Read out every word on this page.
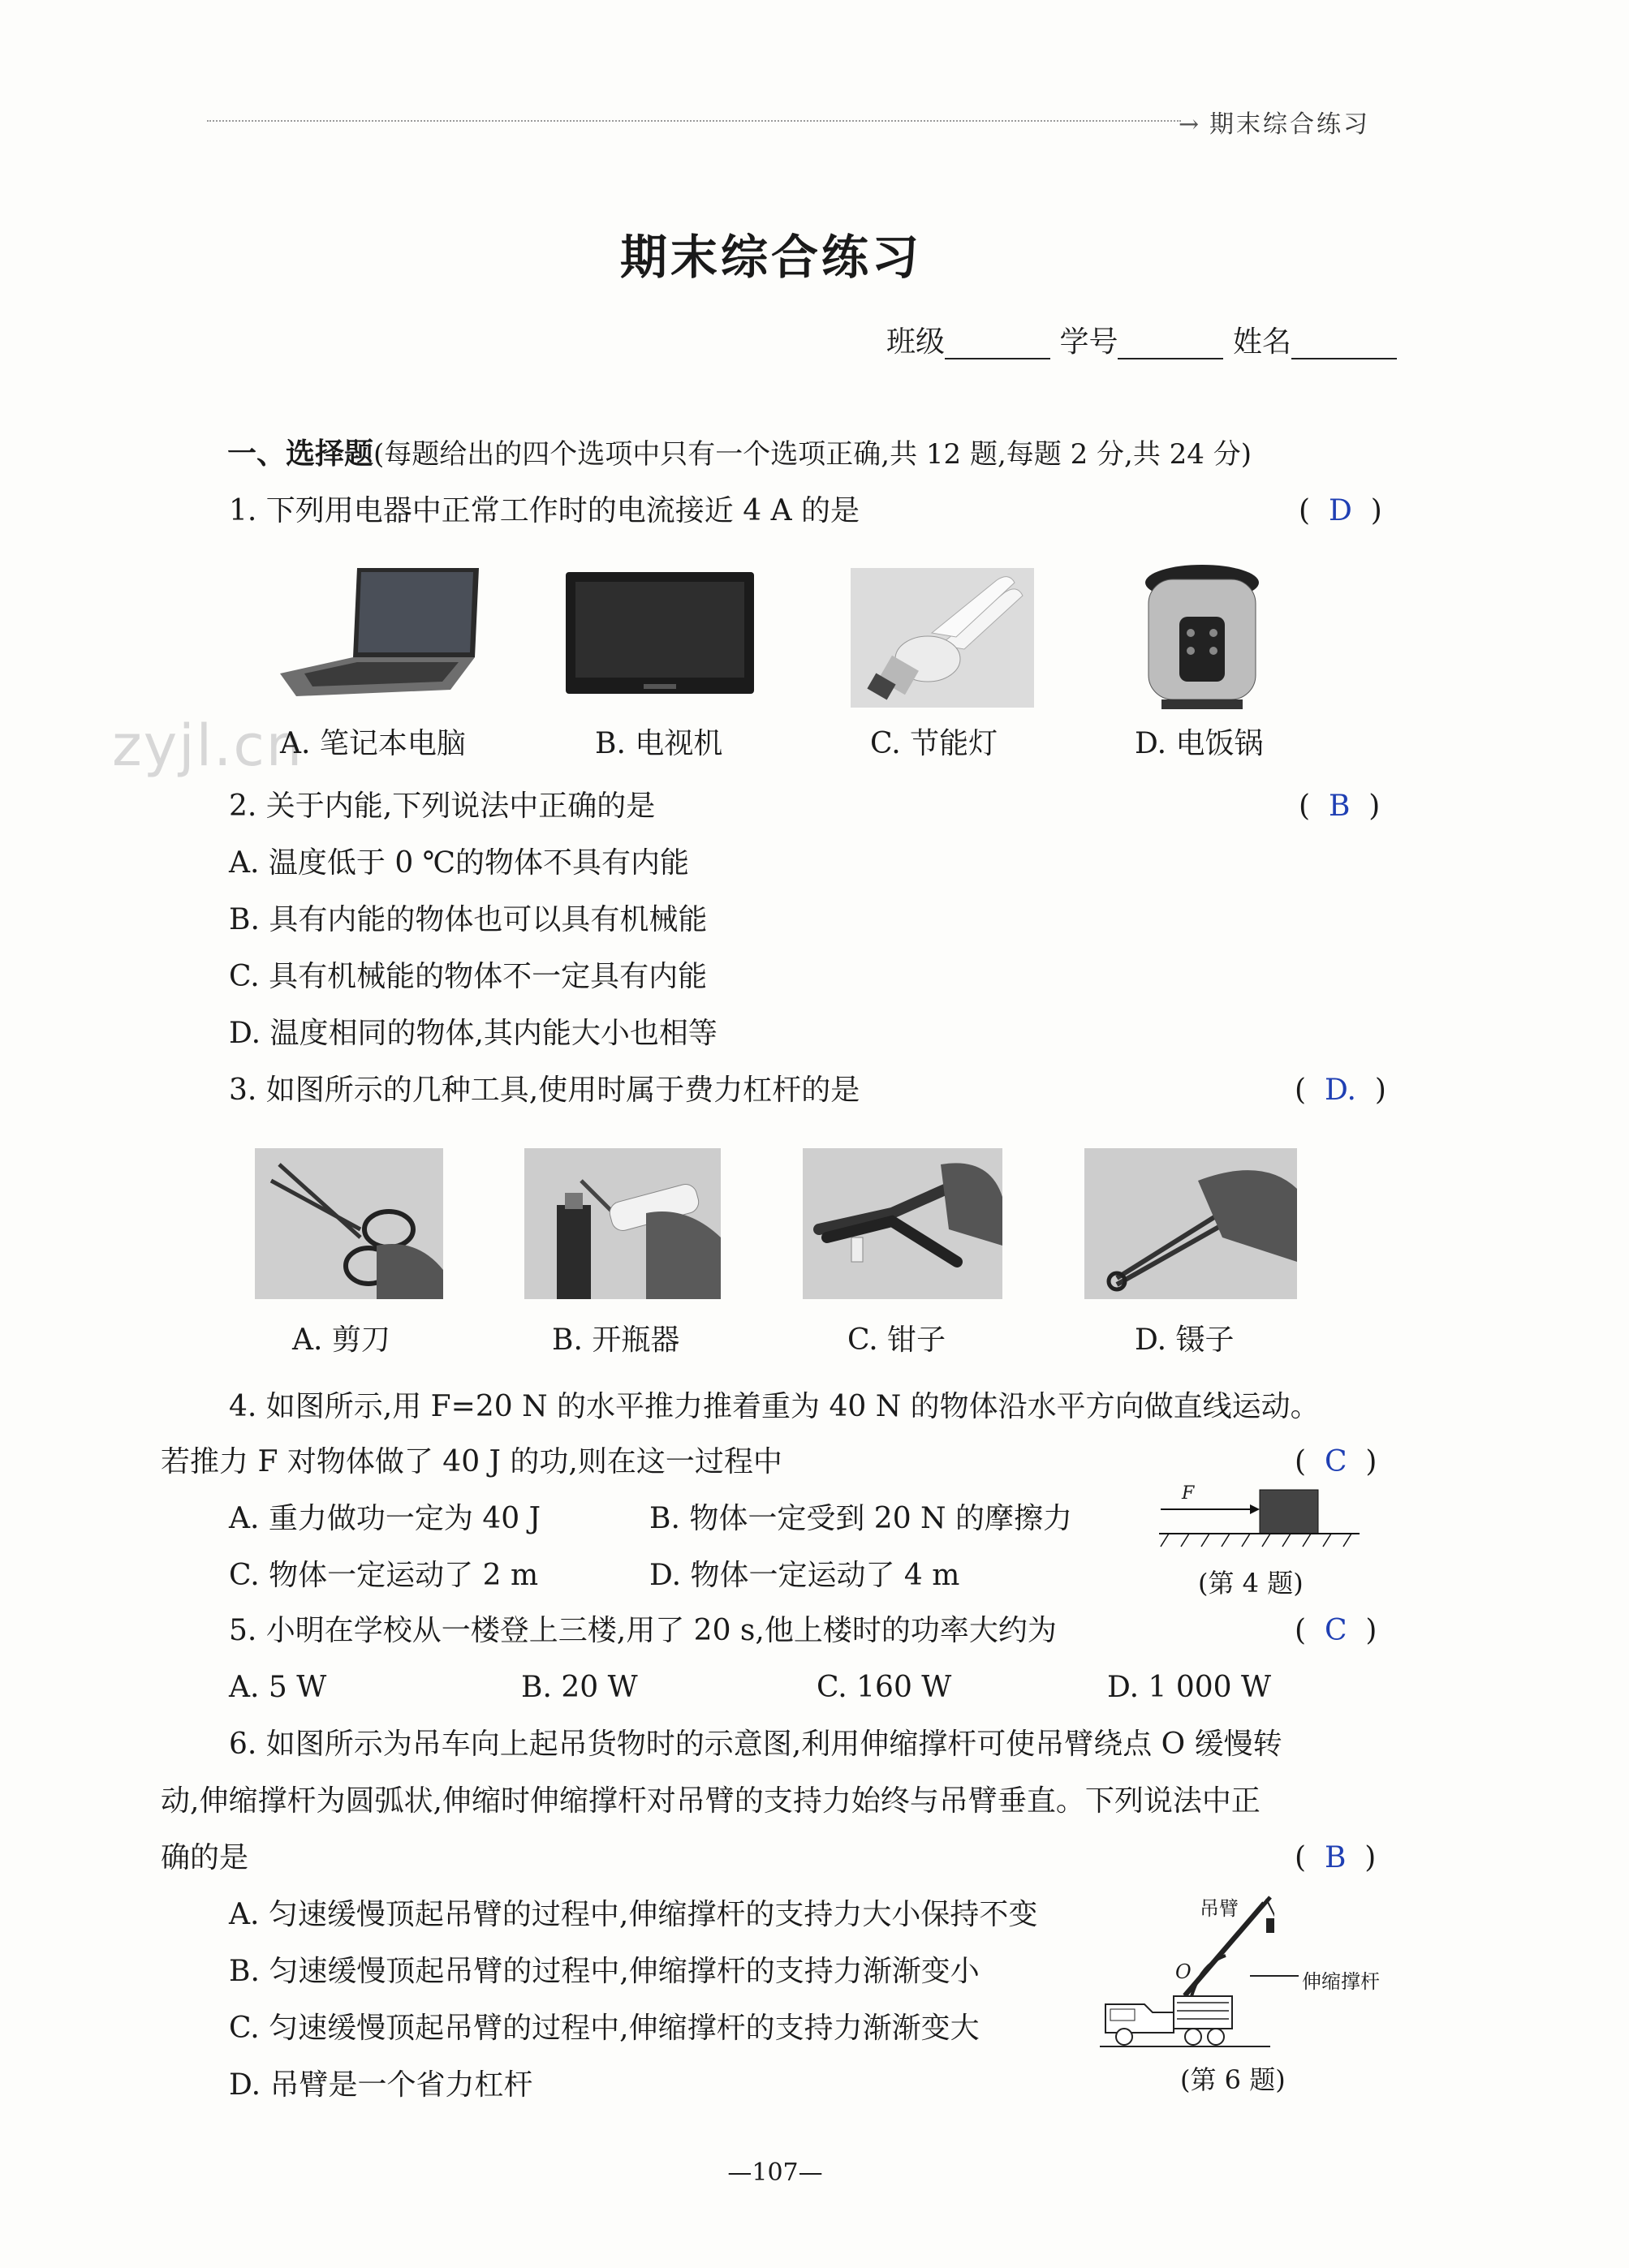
→ 期末综合练习
期末综合练习
班级	学号	姓名
一、选择题(每题给出的四个选项中只有一个选项正确,共 12 题,每题 2 分,共 24 分)
1. 下列用电器中正常工作时的电流接近 4 A 的是	(  D  )
zyjl.cn
A. 笔记本电脑	B. 电视机	C. 节能灯	D. 电饭锅
2. 关于内能,下列说法中正确的是	(  B  )
A. 温度低于 0 ℃的物体不具有内能
B. 具有内能的物体也可以具有机械能
C. 具有机械能的物体不一定具有内能
D. 温度相同的物体,其内能大小也相等
3. 如图所示的几种工具,使用时属于费力杠杆的是	(  D.  )
A. 剪刀	B. 开瓶器	C. 钳子	D. 镊子
4. 如图所示,用 F=20 N 的水平推力推着重为 40 N 的物体沿水平方向做直线运动。
若推力 F 对物体做了 40 J 的功,则在这一过程中	(  C  )
A. 重力做功一定为 40 J	B. 物体一定受到 20 N 的摩擦力
C. 物体一定运动了 2 m	D. 物体一定运动了 4 m
F
(第 4 题)
5. 小明在学校从一楼登上三楼,用了 20 s,他上楼时的功率大约为	(  C  )
A. 5 W	B. 20 W	C. 160 W	D. 1 000 W
6. 如图所示为吊车向上起吊货物时的示意图,利用伸缩撑杆可使吊臂绕点 O 缓慢转
动,伸缩撑杆为圆弧状,伸缩时伸缩撑杆对吊臂的支持力始终与吊臂垂直。下列说法中正
确的是	(  B  )
A. 匀速缓慢顶起吊臂的过程中,伸缩撑杆的支持力大小保持不变
B. 匀速缓慢顶起吊臂的过程中,伸缩撑杆的支持力渐渐变小
C. 匀速缓慢顶起吊臂的过程中,伸缩撑杆的支持力渐渐变大
D. 吊臂是一个省力杠杆
吊臂
O	伸缩撑杆
(第 6 题)
—107—
